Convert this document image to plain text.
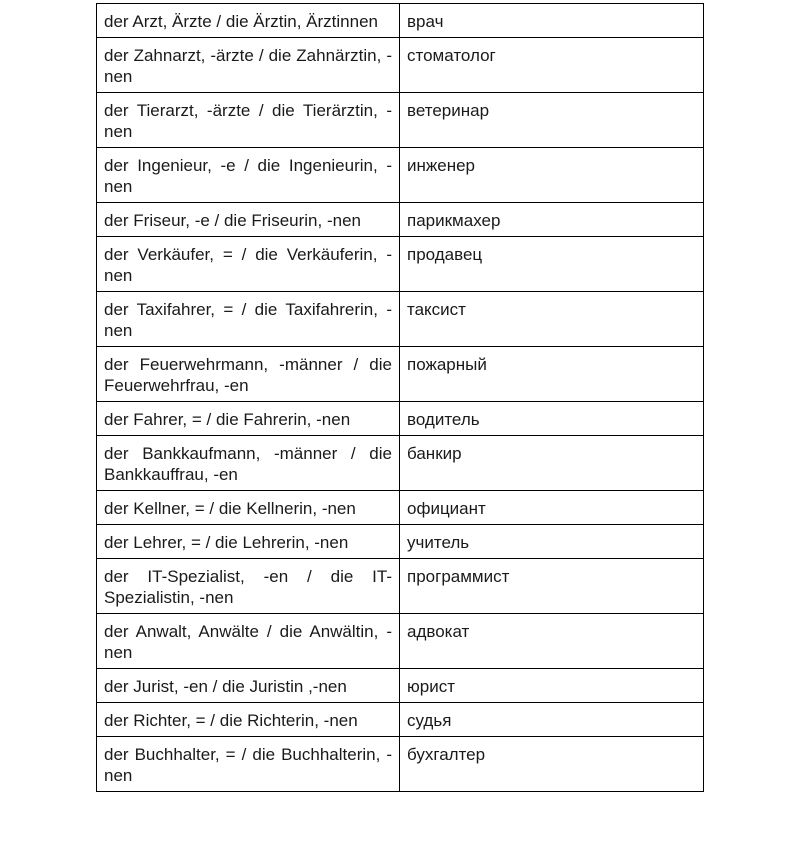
der Arzt, Ärzte / die Ärztin, Ärztinnen	врач
der Zahnarzt, -ärzte / die Zahnärztin, -nen	стоматолог
der Tierarzt, -ärzte / die Tierärztin, -nen	ветеринар
der Ingenieur, -e / die Ingenieurin, -nen	инженер
der Friseur, -e / die Friseurin, -nen	парикмахер
der Verkäufer, = / die Verkäuferin, -nen	продавец
der Taxifahrer, = / die Taxifahrerin, -nen	таксист
der Feuerwehrmann, -männer / die Feuerwehrfrau, -en	пожарный
der Fahrer, = / die Fahrerin, -nen	водитель
der Bankkaufmann, -männer / die Bankkauffrau, -en	банкир
der Kellner, = / die Kellnerin, -nen	официант
der Lehrer, = / die Lehrerin, -nen	учитель
der IT-Spezialist, -en / die IT-Spezialistin, -nen	программист
der Anwalt, Anwälte / die Anwältin, -nen	адвокат
der Jurist, -en / die Juristin ,-nen	юрист
der Richter, = / die Richterin, -nen	судья
der Buchhalter, = / die Buchhalterin, -nen	бухгалтер
